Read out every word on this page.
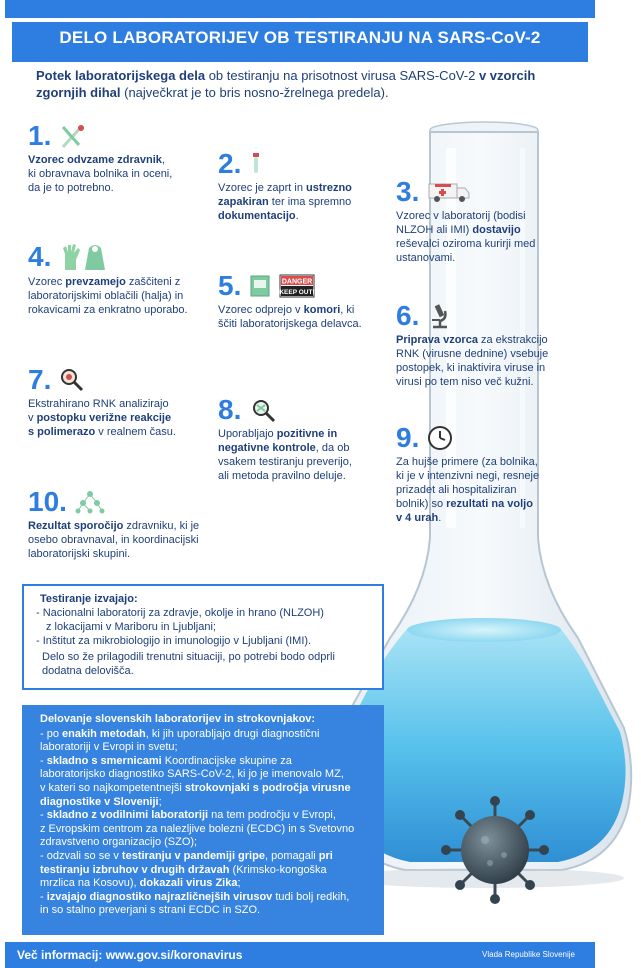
DELO LABORATORIJEV OB TESTIRANJU NA SARS-CoV-2
Potek laboratorijskega dela ob testiranju na prisotnost virusa SARS-CoV-2 v vzorcih zgornjih dihal (največkrat je to bris nosno-žrelnega predela).
1.
Vzorec odvzame zdravnik,
ki obravnava bolnika in oceni,
da je to potrebno.
2.
Vzorec je zaprt in ustrezno
zapakiran ter ima spremno
dokumentacijo.
3.
Vzorec v laboratorij (bodisi
NLZOH ali IMI) dostavijo
reševalci oziroma kurirji med
ustanovami.
4.
Vzorec prevzamejo zaščiteni z
laboratorijskimi oblačili (halja) in
rokavicami za enkratno uporabo.
5.	DANGER
KEEP OUT!
Vzorec odprejo v komori, ki
ščiti laboratorijskega delavca.	6.
Priprava vzorca za ekstrakcijo
RNK (virusne dednine) vsebuje
postopek, ki inaktivira viruse in
virusi po tem niso več kužni.
7.
Ekstrahirano RNK analizirajo
v postopku verižne reakcije
s polimerazo v realnem času.
8.
Uporabljajo pozitivne in
negativne kontrole, da ob
vsakem testiranju preverijo,
ali metoda pravilno deluje.
9.
Za hujše primere (za bolnika,
ki je v intenzivni negi, resneje
prizadet ali hospitaliziran
bolnik) so rezultati na voljo
v 4 urah.
10.
Rezultat sporočijo zdravniku, ki je
osebo obravnaval, in koordinacijski
laboratorijski skupini.
Testiranje izvajajo:
- Nacionalni laboratorij za zdravje, okolje in hrano (NLZOH)
z lokacijami v Mariboru in Ljubljani;
- Inštitut za mikrobiologijo in imunologijo v Ljubljani (IMI).
Delo so že prilagodili trenutni situaciji, po potrebi bodo odprli
dodatna delovišča.
Delovanje slovenskih laboratorijev in strokovnjakov:
- po enakih metodah, ki jih uporabljajo drugi diagnostični
laboratoriji v Evropi in svetu;
- skladno s smernicami Koordinacijske skupine za
laboratorijsko diagnostiko SARS-CoV-2, ki jo je imenovalo MZ,
v kateri so najkompetentnejši strokovnjaki s področja virusne
diagnostike v Sloveniji;
- skladno z vodilnimi laboratoriji na tem področju v Evropi,
z Evropskim centrom za nalezljive bolezni (ECDC) in s Svetovno
zdravstveno organizacijo (SZO);
- odzvali so se v testiranju v pandemiji gripe, pomagali pri
testiranju izbruhov v drugih državah (Krimsko-kongoška
mrzlica na Kosovu), dokazali virus Zika;
- izvajajo diagnostiko najrazličnejših virusov tudi bolj redkih,
in so stalno preverjani s strani ECDC in SZO.
Več informacij: www.gov.si/koronavirus	Vlada Republike Slovenije
